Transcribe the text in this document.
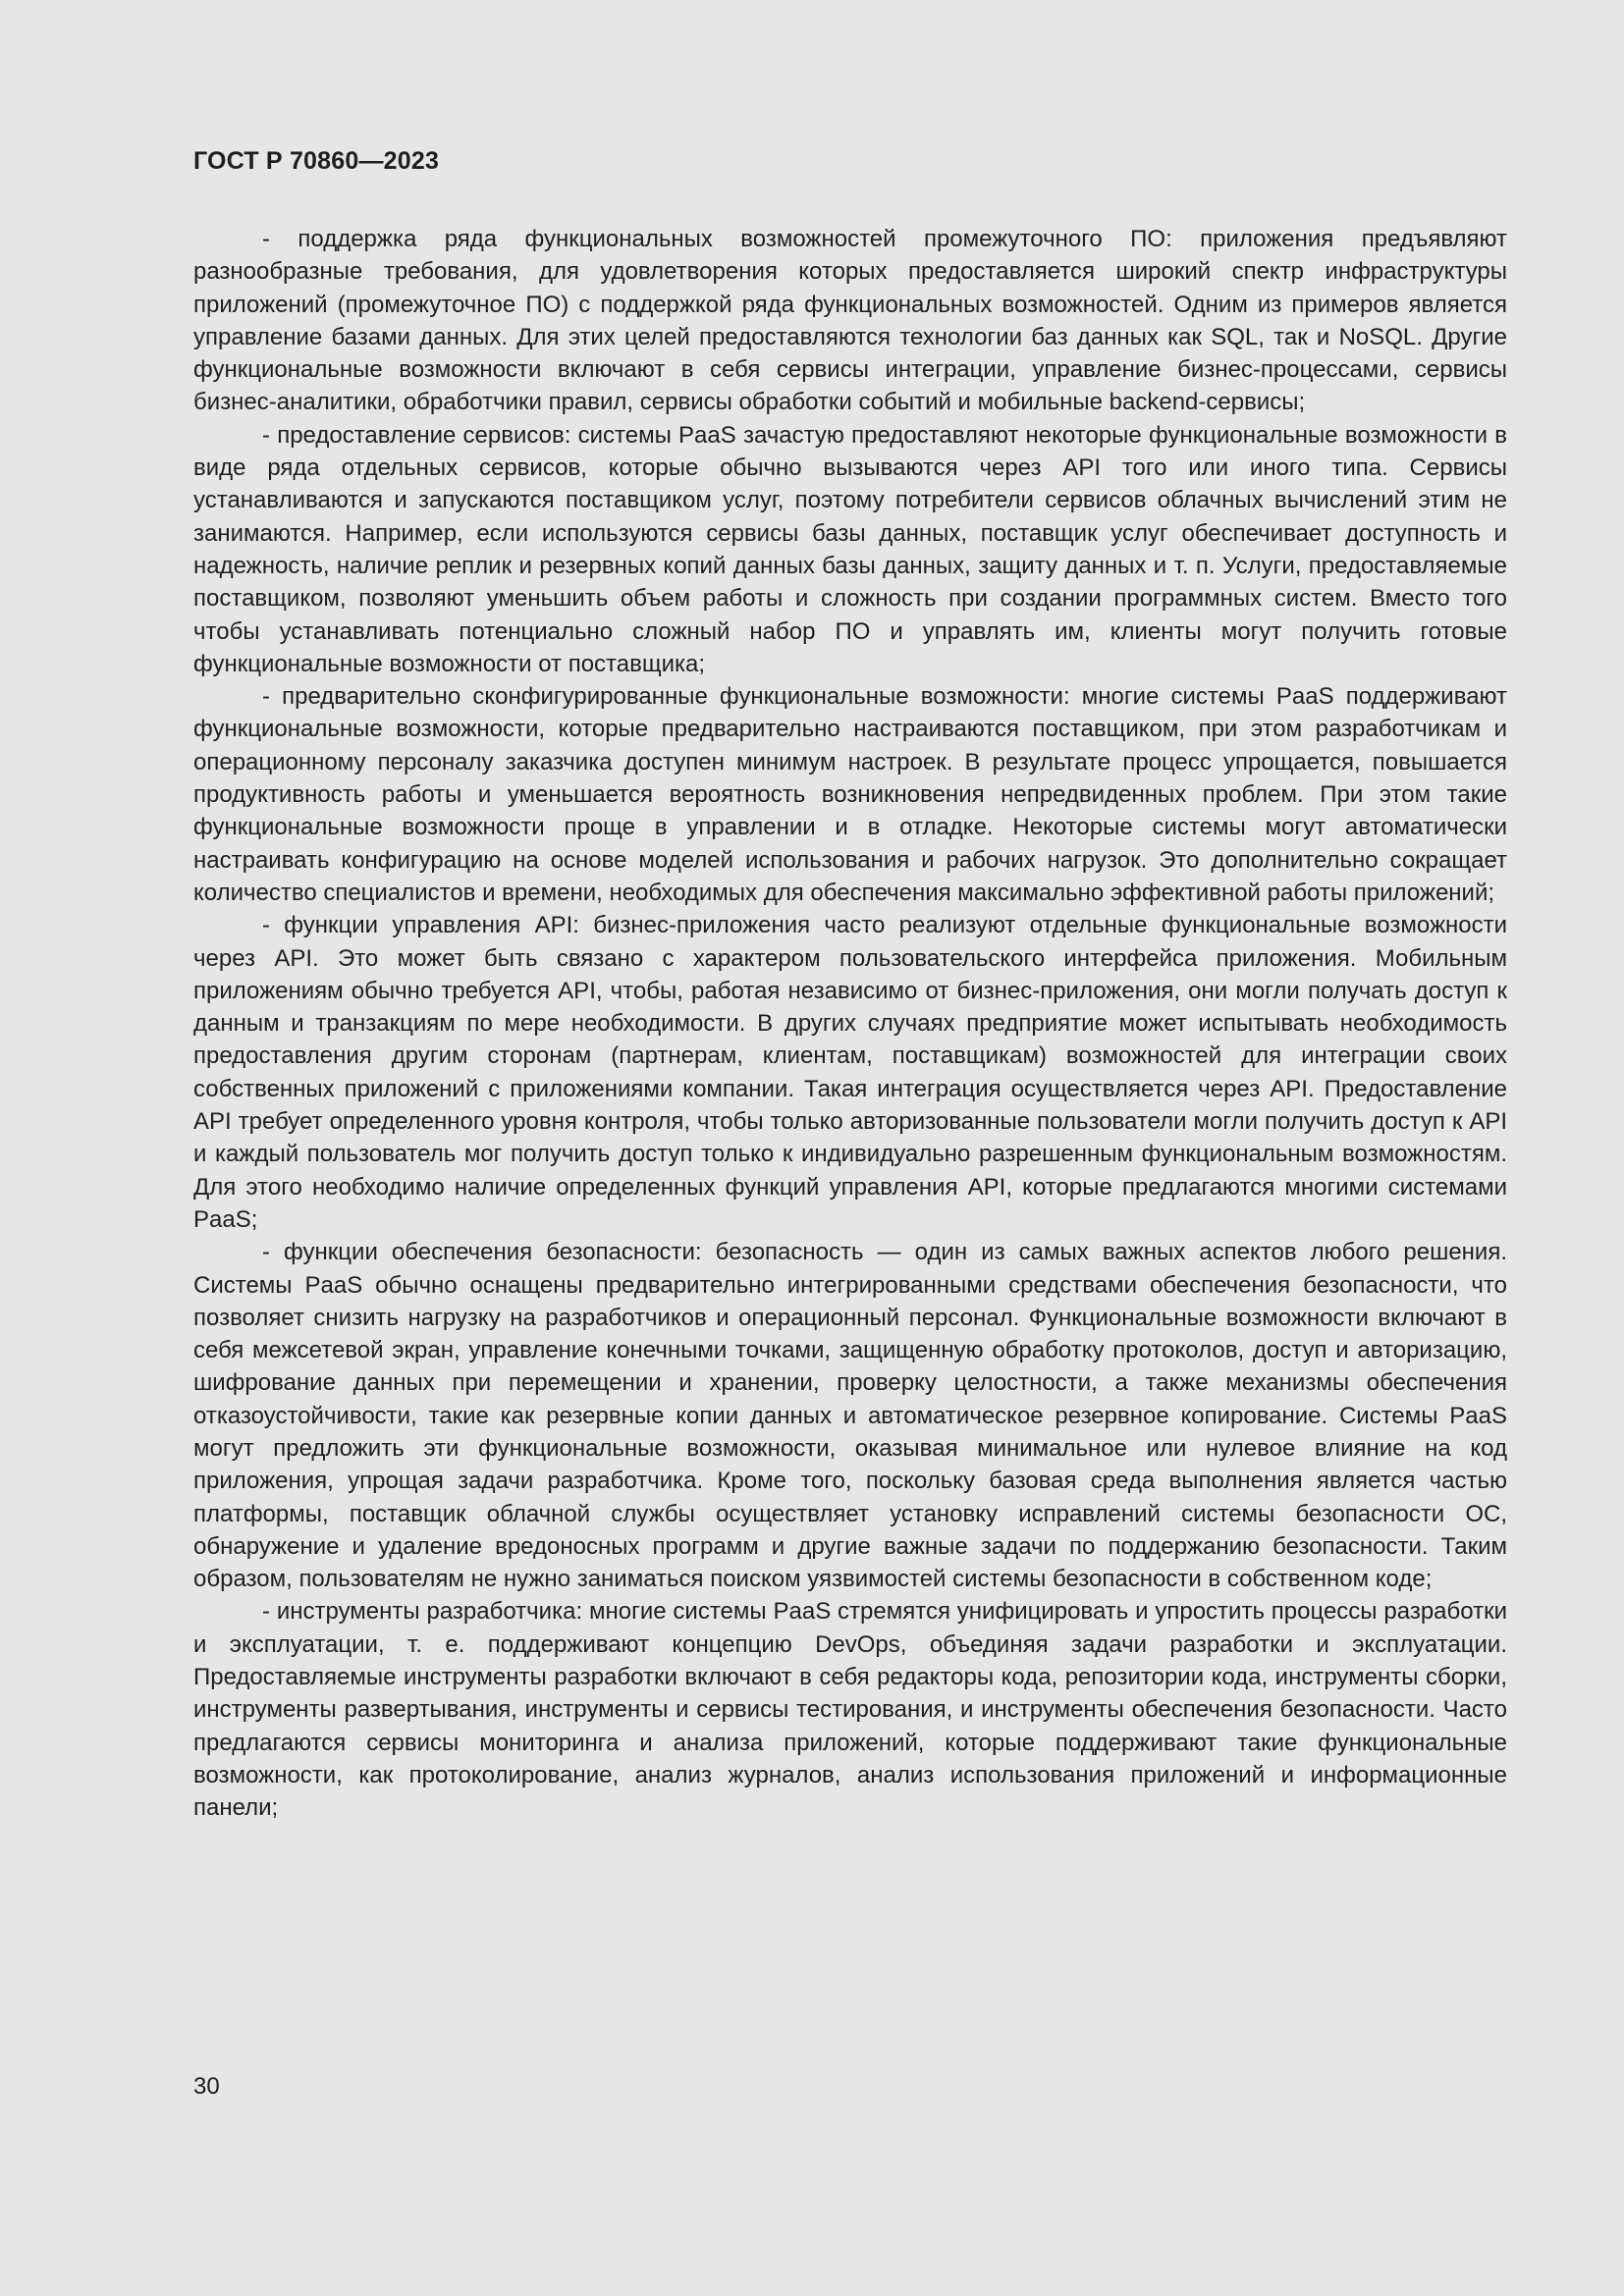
ГОСТ Р 70860—2023

- поддержка ряда функциональных возможностей промежуточного ПО: приложения предъявляют разнообразные требования, для удовлетворения которых предоставляется широкий спектр инфраструктуры приложений (промежуточное ПО) с поддержкой ряда функциональных возможностей. Одним из примеров является управление базами данных. Для этих целей предоставляются технологии баз данных как SQL, так и NoSQL. Другие функциональные возможности включают в себя сервисы интеграции, управление бизнес-процессами, сервисы бизнес-аналитики, обработчики правил, сервисы обработки событий и мобильные backend-сервисы;

- предоставление сервисов: системы PaaS зачастую предоставляют некоторые функциональные возможности в виде ряда отдельных сервисов, которые обычно вызываются через API того или иного типа. Сервисы устанавливаются и запускаются поставщиком услуг, поэтому потребители сервисов облачных вычислений этим не занимаются. Например, если используются сервисы базы данных, поставщик услуг обеспечивает доступность и надежность, наличие реплик и резервных копий данных базы данных, защиту данных и т. п. Услуги, предоставляемые поставщиком, позволяют уменьшить объем работы и сложность при создании программных систем. Вместо того чтобы устанавливать потенциально сложный набор ПО и управлять им, клиенты могут получить готовые функциональные возможности от поставщика;

- предварительно сконфигурированные функциональные возможности: многие системы PaaS поддерживают функциональные возможности, которые предварительно настраиваются поставщиком, при этом разработчикам и операционному персоналу заказчика доступен минимум настроек. В результате процесс упрощается, повышается продуктивность работы и уменьшается вероятность возникновения непредвиденных проблем. При этом такие функциональные возможности проще в управлении и в отладке. Некоторые системы могут автоматически настраивать конфигурацию на основе моделей использования и рабочих нагрузок. Это дополнительно сокращает количество специалистов и времени, необходимых для обеспечения максимально эффективной работы приложений;

- функции управления API: бизнес-приложения часто реализуют отдельные функциональные возможности через API. Это может быть связано с характером пользовательского интерфейса приложения. Мобильным приложениям обычно требуется API, чтобы, работая независимо от бизнес-приложения, они могли получать доступ к данным и транзакциям по мере необходимости. В других случаях предприятие может испытывать необходимость предоставления другим сторонам (партнерам, клиентам, поставщикам) возможностей для интеграции своих собственных приложений с приложениями компании. Такая интеграция осуществляется через API. Предоставление API требует определенного уровня контроля, чтобы только авторизованные пользователи могли получить доступ к API и каждый пользователь мог получить доступ только к индивидуально разрешенным функциональным возможностям. Для этого необходимо наличие определенных функций управления API, которые предлагаются многими системами PaaS;

- функции обеспечения безопасности: безопасность — один из самых важных аспектов любого решения. Системы PaaS обычно оснащены предварительно интегрированными средствами обеспечения безопасности, что позволяет снизить нагрузку на разработчиков и операционный персонал. Функциональные возможности включают в себя межсетевой экран, управление конечными точками, защищенную обработку протоколов, доступ и авторизацию, шифрование данных при перемещении и хранении, проверку целостности, а также механизмы обеспечения отказоустойчивости, такие как резервные копии данных и автоматическое резервное копирование. Системы PaaS могут предложить эти функциональные возможности, оказывая минимальное или нулевое влияние на код приложения, упрощая задачи разработчика. Кроме того, поскольку базовая среда выполнения является частью платформы, поставщик облачной службы осуществляет установку исправлений системы безопасности ОС, обнаружение и удаление вредоносных программ и другие важные задачи по поддержанию безопасности. Таким образом, пользователям не нужно заниматься поиском уязвимостей системы безопасности в собственном коде;

- инструменты разработчика: многие системы PaaS стремятся унифицировать и упростить процессы разработки и эксплуатации, т. е. поддерживают концепцию DevOps, объединяя задачи разработки и эксплуатации. Предоставляемые инструменты разработки включают в себя редакторы кода, репозитории кода, инструменты сборки, инструменты развертывания, инструменты и сервисы тестирования, и инструменты обеспечения безопасности. Часто предлагаются сервисы мониторинга и анализа приложений, которые поддерживают такие функциональные возможности, как протоколирование, анализ журналов, анализ использования приложений и информационные панели;

30
